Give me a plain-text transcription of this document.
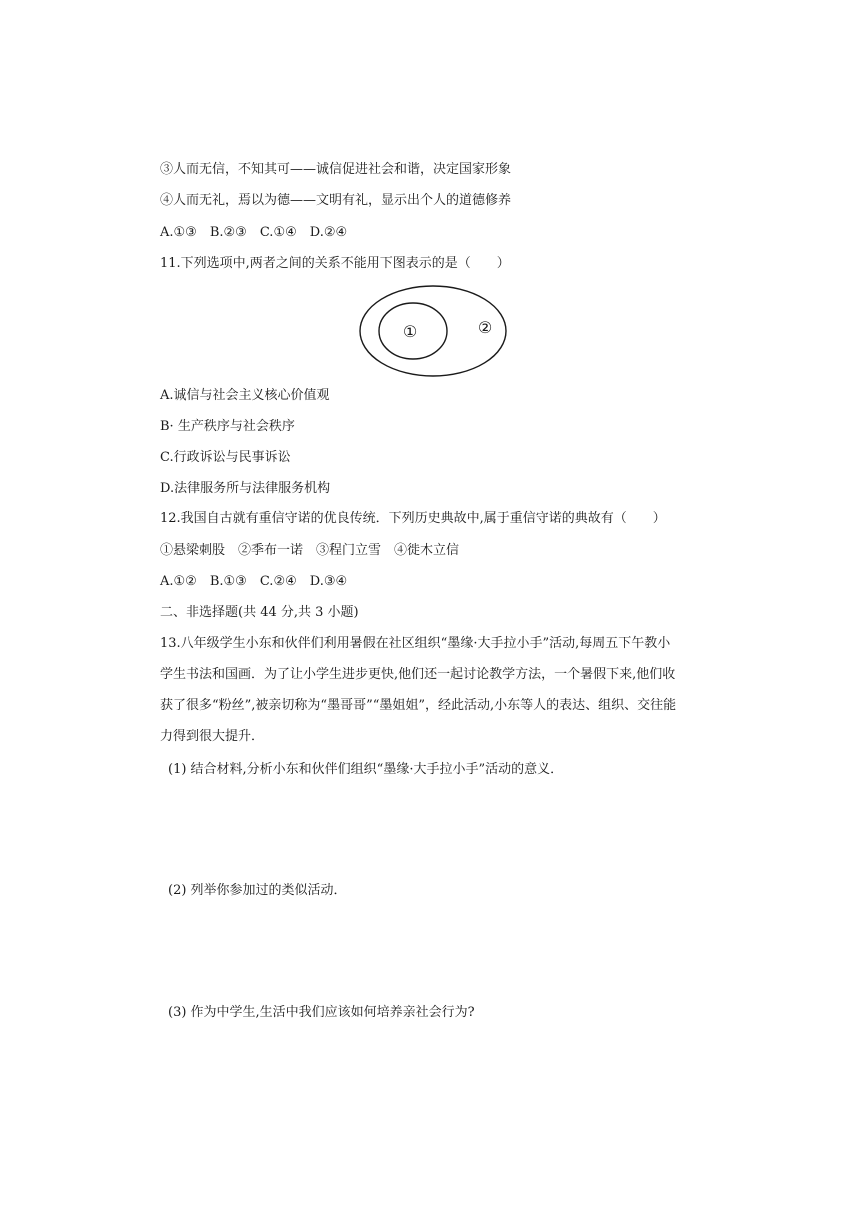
③人而无信，不知其可——诚信促进社会和谐，决定国家形象
④人而无礼，焉以为德——文明有礼，显示出个人的道德修养
A.①③　B.②③　C.①④　D.②④
11.下列选项中,两者之间的关系不能用下图表示的是（　　）
①	②
A.诚信与社会主义核心价值观
B· 生产秩序与社会秩序
C.行政诉讼与民事诉讼
D.法律服务所与法律服务机构
12.我国自古就有重信守诺的优良传统．下列历史典故中,属于重信守诺的典故有（　　）
①悬梁刺股　②季布一诺　③程门立雪　④徙木立信
A.①②　B.①③　C.②④　D.③④
二、非选择题(共 44 分,共 3 小题)
13.八年级学生小东和伙伴们利用暑假在社区组织“墨缘·大手拉小手”活动,每周五下午教小
学生书法和国画．为了让小学生进步更快,他们还一起讨论教学方法，一个暑假下来,他们收
获了很多“粉丝”,被亲切称为“墨哥哥”“墨姐姐”，经此活动,小东等人的表达、组织、交往能
力得到很大提升．
(1) 结合材料,分析小东和伙伴们组织“墨缘·大手拉小手”活动的意义．
(2) 列举你参加过的类似活动．
(3) 作为中学生,生活中我们应该如何培养亲社会行为?
